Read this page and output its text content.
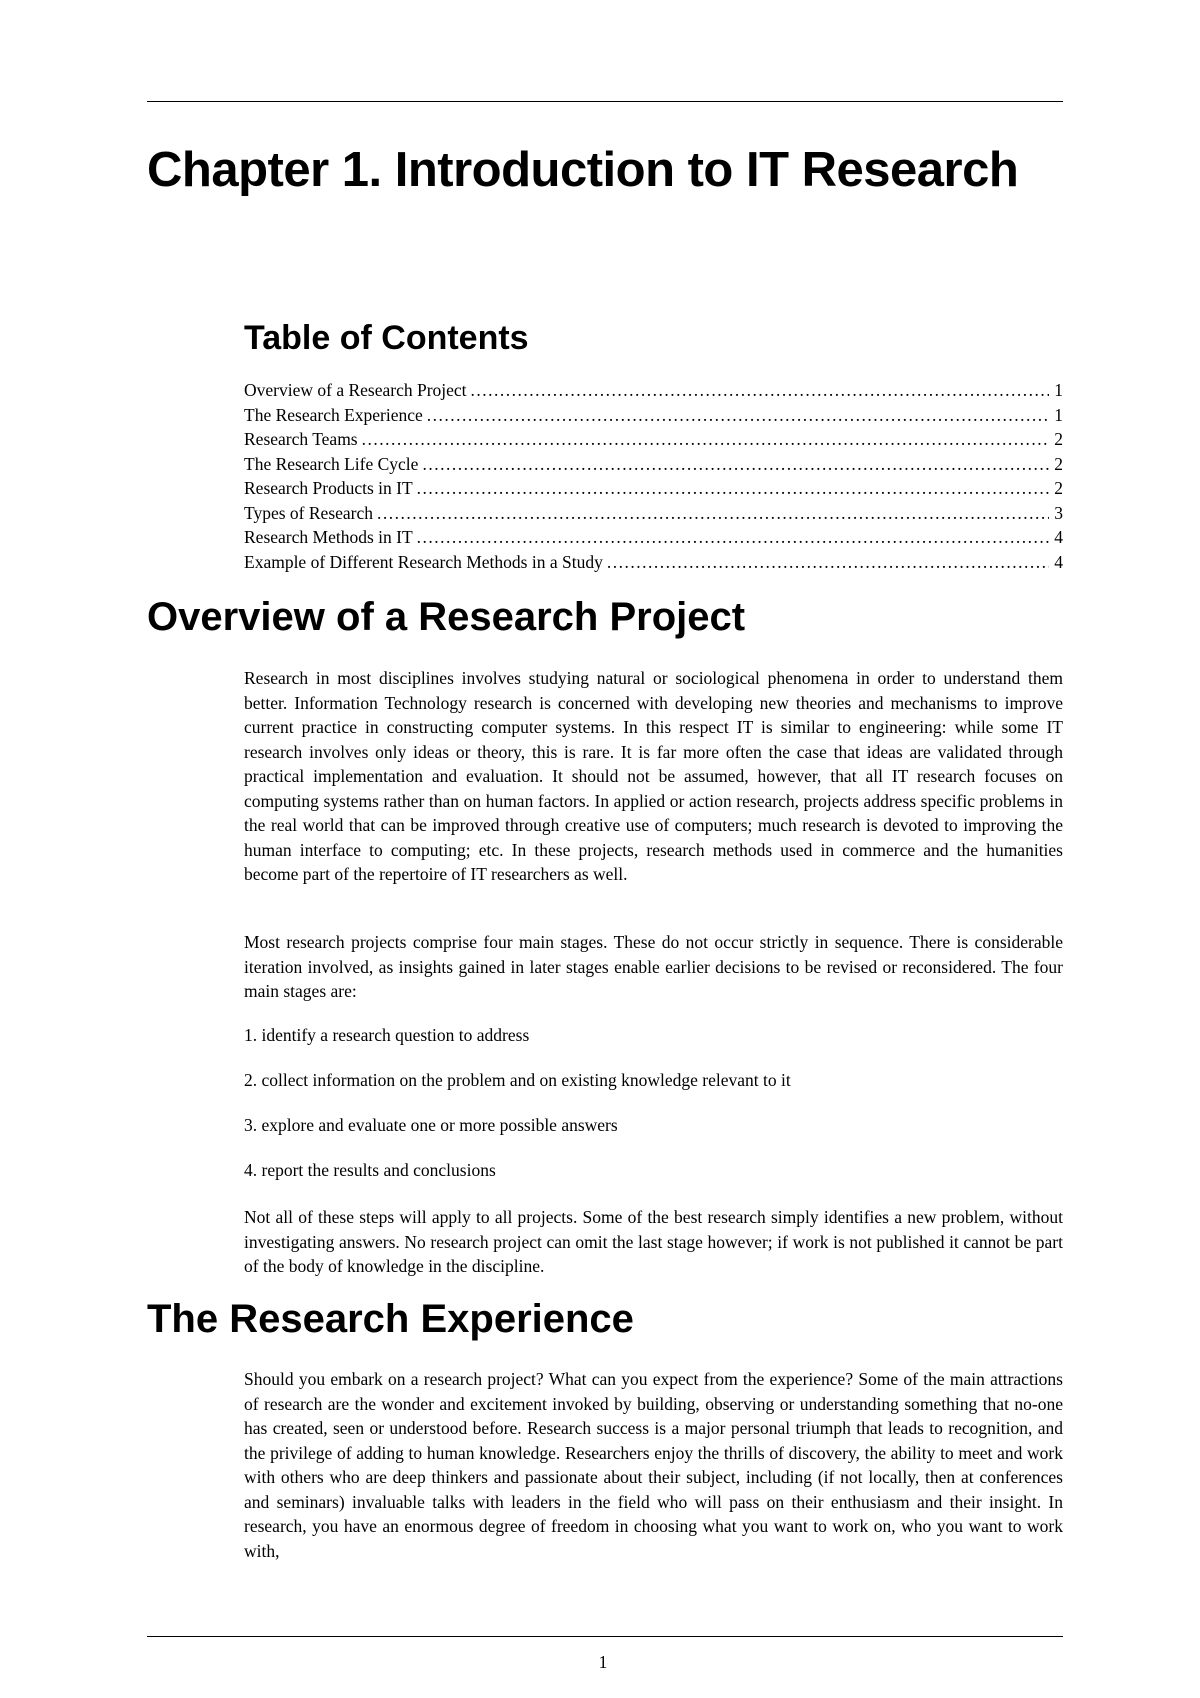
Chapter 1. Introduction to IT Research
Table of Contents
Overview of a Research Project .....	1
The Research Experience .....	1
Research Teams .....	2
The Research Life Cycle .....	2
Research Products in IT .....	2
Types of Research .....	3
Research Methods in IT .....	4
Example of Different Research Methods in a Study .....	4
Overview of a Research Project

Research in most disciplines involves studying natural or sociological phenomena in order to understand them better. Information Technology research is concerned with developing new theories and mechanisms to improve current practice in constructing computer systems. In this respect IT is similar to engineering: while some IT research involves only ideas or theory, this is rare. It is far more often the case that ideas are validated through practical implementation and evaluation. It should not be assumed, however, that all IT research focuses on computing systems rather than on human factors. In applied or action research, projects address specific problems in the real world that can be improved through creative use of computers; much research is devoted to improving the human interface to computing; etc. In these projects, research methods used in commerce and the humanities become part of the repertoire of IT researchers as well.

Most research projects comprise four main stages. These do not occur strictly in sequence. There is considerable iteration involved, as insights gained in later stages enable earlier decisions to be revised or reconsidered. The four main stages are:

1. identify a research question to address

2. collect information on the problem and on existing knowledge relevant to it

3. explore and evaluate one or more possible answers

4. report the results and conclusions

Not all of these steps will apply to all projects. Some of the best research simply identifies a new problem, without investigating answers. No research project can omit the last stage however; if work is not published it cannot be part of the body of knowledge in the discipline.

The Research Experience

Should you embark on a research project? What can you expect from the experience? Some of the main attractions of research are the wonder and excitement invoked by building, observing or understanding something that no-one has created, seen or understood before. Research success is a major personal triumph that leads to recognition, and the privilege of adding to human knowledge. Researchers enjoy the thrills of discovery, the ability to meet and work with others who are deep thinkers and passionate about their subject, including (if not locally, then at conferences and seminars) invaluable talks with leaders in the field who will pass on their enthusiasm and their insight. In research, you have an enormous degree of freedom in choosing what you want to work on, who you want to work with,

1
